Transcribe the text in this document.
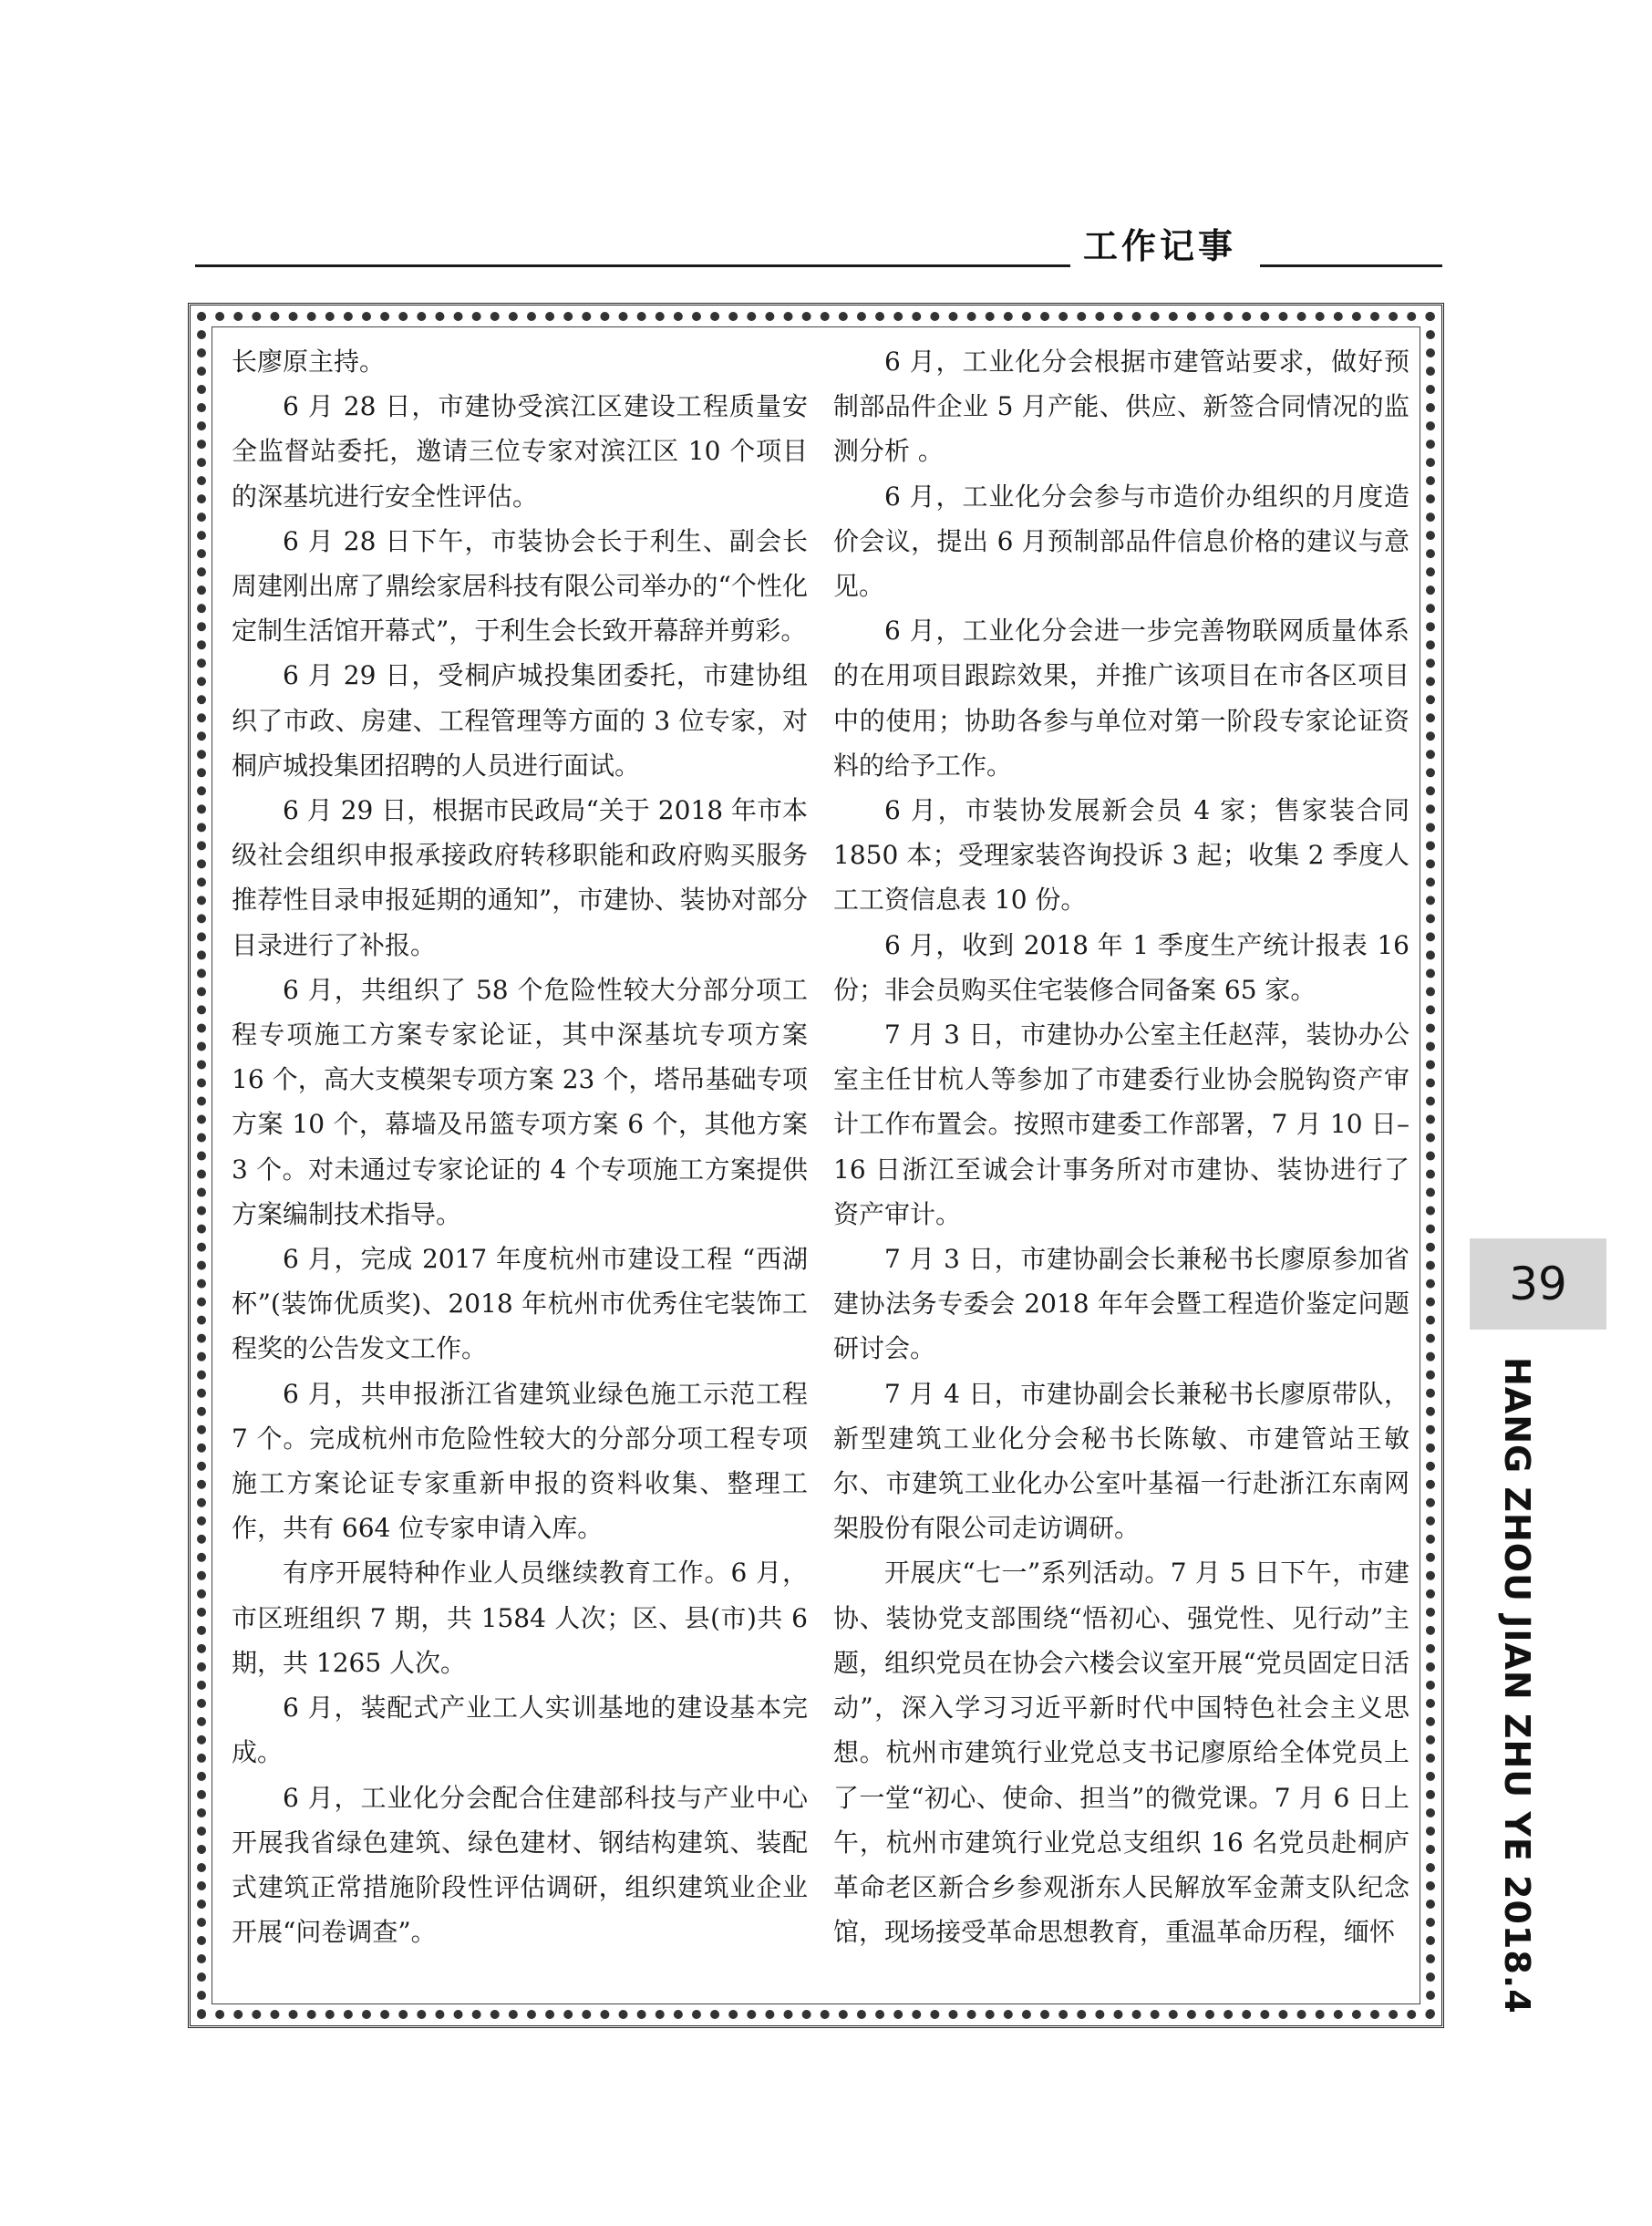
工作记事

长廖原主持。

6 月 28 日，市建协受滨江区建设工程质量安全监督站委托，邀请三位专家对滨江区 10 个项目的深基坑进行安全性评估。

6 月 28 日下午，市装协会长于利生、副会长周建刚出席了鼎绘家居科技有限公司举办的“个性化定制生活馆开幕式”，于利生会长致开幕辞并剪彩。

6 月 29 日，受桐庐城投集团委托，市建协组织了市政、房建、工程管理等方面的 3 位专家，对桐庐城投集团招聘的人员进行面试。

6 月 29 日，根据市民政局“关于 2018 年市本级社会组织申报承接政府转移职能和政府购买服务推荐性目录申报延期的通知”，市建协、装协对部分目录进行了补报。

6 月，共组织了 58 个危险性较大分部分项工程专项施工方案专家论证，其中深基坑专项方案 16 个，高大支模架专项方案 23 个，塔吊基础专项方案 10 个，幕墙及吊篮专项方案 6 个，其他方案 3 个。对未通过专家论证的 4 个专项施工方案提供方案编制技术指导。

6 月，完成 2017 年度杭州市建设工程 “西湖杯”(装饰优质奖)、2018 年杭州市优秀住宅装饰工程奖的公告发文工作。

6 月，共申报浙江省建筑业绿色施工示范工程 7 个。完成杭州市危险性较大的分部分项工程专项施工方案论证专家重新申报的资料收集、整理工作，共有 664 位专家申请入库。

有序开展特种作业人员继续教育工作。6 月，市区班组织 7 期，共 1584 人次；区、县(市)共 6 期，共 1265 人次。

6 月，装配式产业工人实训基地的建设基本完成。

6 月，工业化分会配合住建部科技与产业中心开展我省绿色建筑、绿色建材、钢结构建筑、装配式建筑正常措施阶段性评估调研，组织建筑业企业开展“问卷调查”。

6 月，工业化分会根据市建管站要求，做好预制部品件企业 5 月产能、供应、新签合同情况的监测分析 。

6 月，工业化分会参与市造价办组织的月度造价会议，提出 6 月预制部品件信息价格的建议与意见。

6 月，工业化分会进一步完善物联网质量体系的在用项目跟踪效果，并推广该项目在市各区项目中的使用；协助各参与单位对第一阶段专家论证资料的给予工作。

6 月，市装协发展新会员 4 家；售家装合同 1850 本；受理家装咨询投诉 3 起；收集 2 季度人工工资信息表 10 份。

6 月，收到 2018 年 1 季度生产统计报表 16 份；非会员购买住宅装修合同备案 65 家。

7 月 3 日，市建协办公室主任赵萍，装协办公室主任甘杭人等参加了市建委行业协会脱钩资产审计工作布置会。按照市建委工作部署，7 月 10 日–16 日浙江至诚会计事务所对市建协、装协进行了资产审计。

7 月 3 日，市建协副会长兼秘书长廖原参加省建协法务专委会 2018 年年会暨工程造价鉴定问题研讨会。

7 月 4 日，市建协副会长兼秘书长廖原带队，新型建筑工业化分会秘书长陈敏、市建管站王敏尔、市建筑工业化办公室叶基福一行赴浙江东南网架股份有限公司走访调研。

开展庆“七一”系列活动。7 月 5 日下午，市建协、装协党支部围绕“悟初心、强党性、见行动”主题，组织党员在协会六楼会议室开展“党员固定日活动”，深入学习习近平新时代中国特色社会主义思想。杭州市建筑行业党总支书记廖原给全体党员上了一堂“初心、使命、担当”的微党课。7 月 6 日上午，杭州市建筑行业党总支组织 16 名党员赴桐庐革命老区新合乡参观浙东人民解放军金萧支队纪念馆，现场接受革命思想教育，重温革命历程，缅怀

39
HANG ZHOU JIAN ZHU YE 2018.4
